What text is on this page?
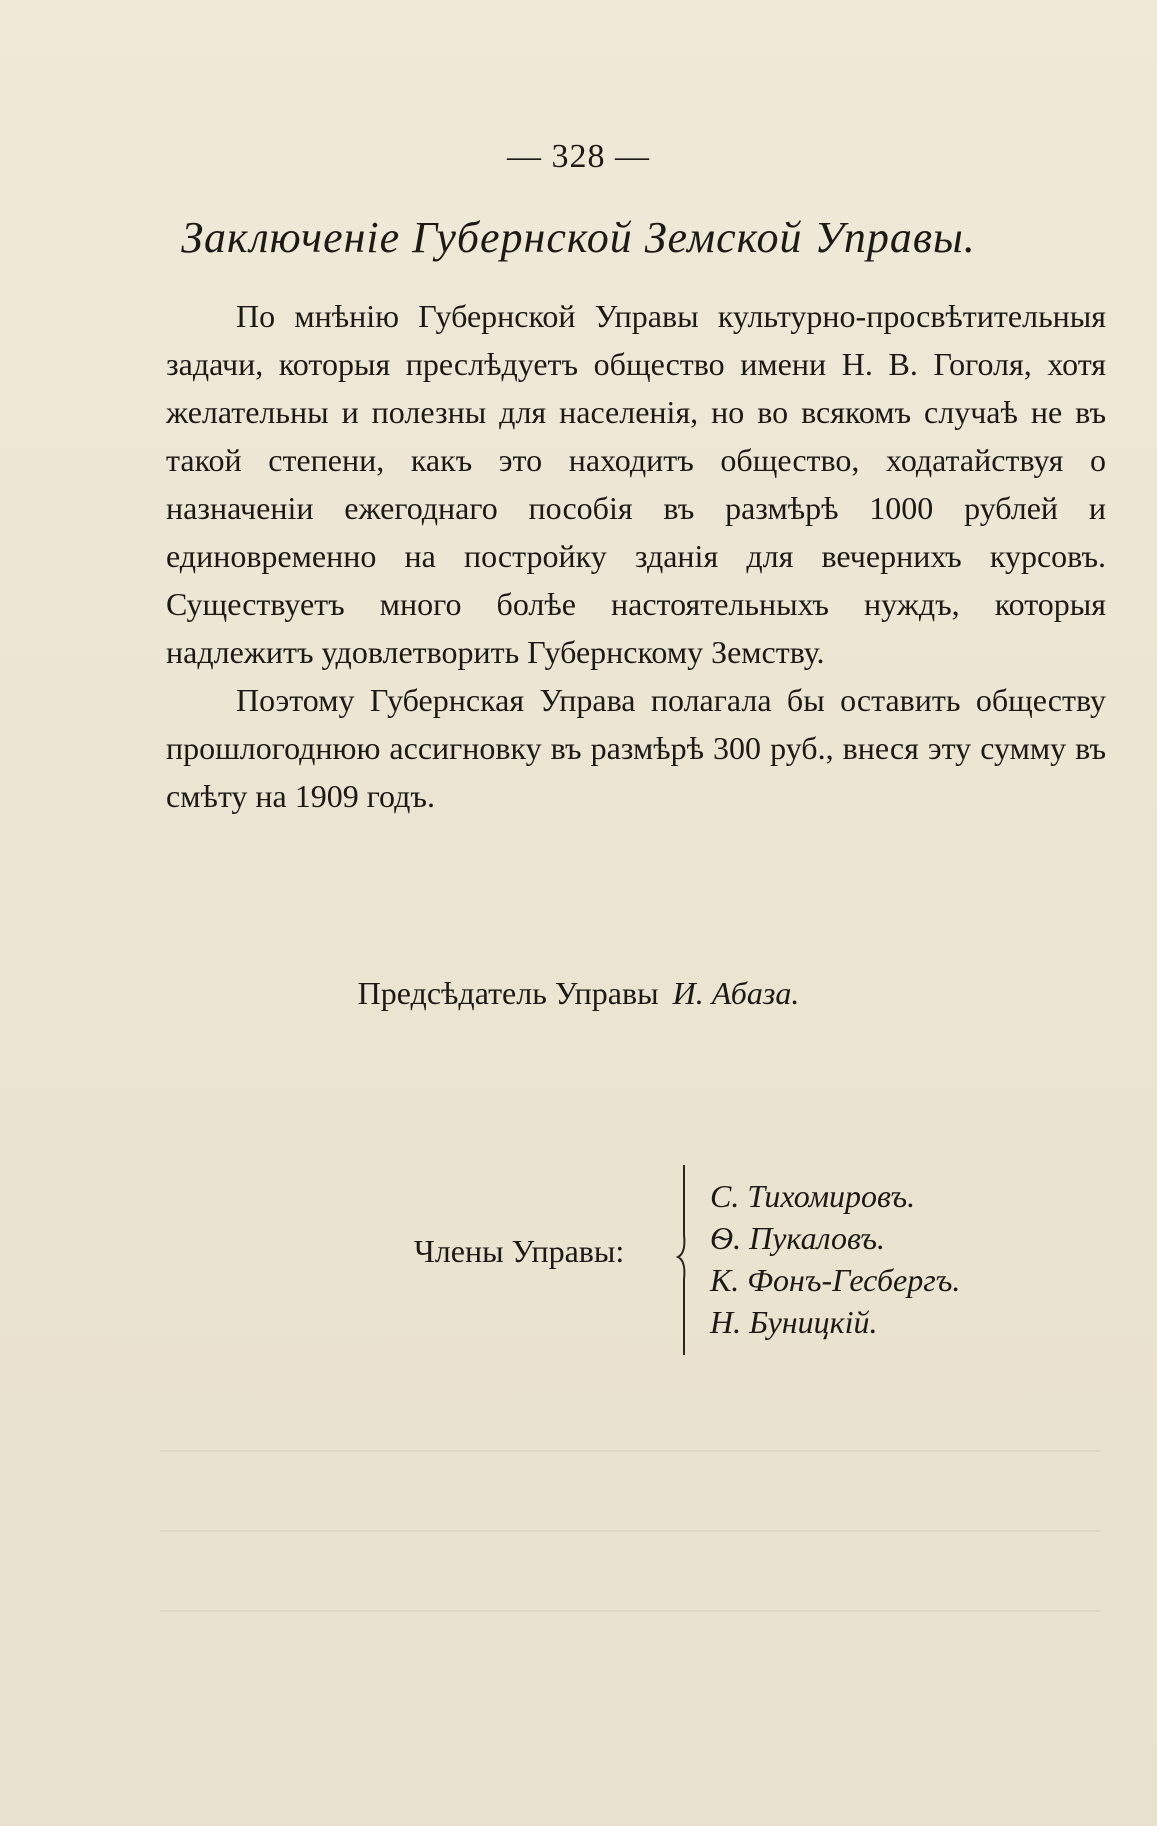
— 328 —
Заключенiе Губернской Земской Управы.

По мнѣнiю Губернской Управы культурно-просвѣтительныя задачи, которыя преслѣдуетъ общество имени Н. В. Гоголя, хотя желательны и полезны для населенiя, но во всякомъ случаѣ не въ такой степени, какъ это находитъ общество, ходатайствуя о назначенiи ежегоднаго пособiя въ размѣрѣ 1000 рублей и единовременно на постройку зданiя для вечернихъ курсовъ. Существуетъ много болѣе настоятельныхъ нуждъ, которыя надлежитъ удовлетворить Губернскому Земству.

Поэтому Губернская Управа полагала бы оставить обществу прошлогоднюю ассигновку въ размѣрѣ 300 руб., внеся эту сумму въ смѣту на 1909 годъ.

Предсѣдатель Управы И. Абаза.
Члены Управы:
С. Тихомировъ.
Ѳ. Пукаловъ.
К. Фонъ-Гесбергъ.
Н. Буницкiй.
